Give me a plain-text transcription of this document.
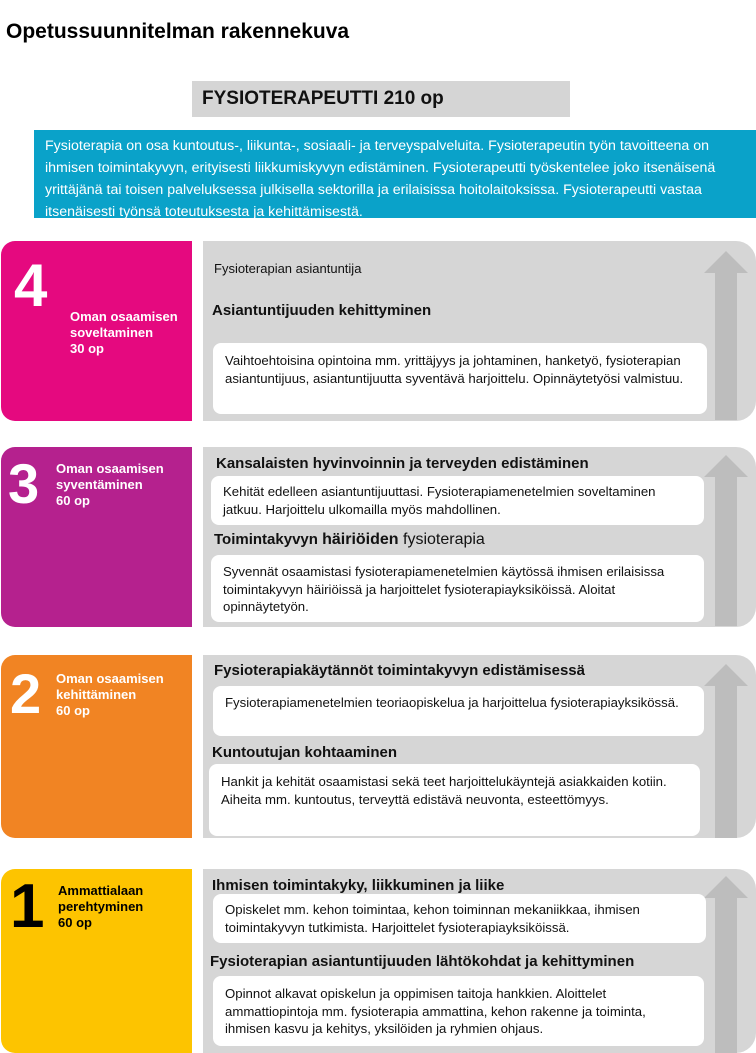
Opetussuunnitelman rakennekuva
FYSIOTERAPEUTTI 210 op
Fysioterapia on osa kuntoutus-, liikunta-, sosiaali- ja terveyspalveluita. Fysioterapeutin työn tavoitteena on ihmisen toimintakyvyn, erityisesti liikkumiskyvyn edistäminen. Fysioterapeutti työskentelee joko itsenäisenä yrittäjänä tai toisen palveluksessa julkisella sektorilla ja erilaisissa hoitolaitoksissa. Fysioterapeutti vastaa itsenäisesti työnsä toteutuksesta ja kehittämisestä.
4 Oman osaamisen
soveltaminen
30 op
Fysioterapian asiantuntija
Asiantuntijuuden kehittyminen
Vaihtoehtoisina opintoina mm. yrittäjyys ja johtaminen, hanketyö, fysioterapian asiantuntijuus, asiantuntijuutta syventävä harjoittelu. Opinnäytetyösi valmistuu.
3 Oman osaamisen
syventäminen
60 op
Kansalaisten hyvinvoinnin ja terveyden edistäminen
Kehität edelleen asiantuntijuuttasi. Fysioterapiamenetelmien soveltaminen jatkuu. Harjoittelu ulkomailla myös mahdollinen.
Toimintakyvyn häiriöiden fysioterapia
Syvennät osaamistasi fysioterapiamenetelmien käytössä ihmisen erilaisissa toimintakyvyn häiriöissä ja harjoittelet fysioterapiayksiköissä. Aloitat opinnäytetyön.
2 Oman osaamisen
kehittäminen
60 op
Fysioterapiakäytännöt toimintakyvyn edistämisessä
Fysioterapiamenetelmien teoriaopiskelua ja harjoittelua fysioterapiayksikössä.
Kuntoutujan kohtaaminen
Hankit ja kehität osaamistasi sekä teet harjoittelukäyntejä asiakkaiden kotiin. Aiheita mm. kuntoutus, terveyttä edistävä neuvonta, esteettömyys.
1 Ammattialaan
perehtyminen
60 op
Ihmisen toimintakyky, liikkuminen ja liike
Opiskelet mm. kehon toimintaa, kehon toiminnan mekaniikkaa, ihmisen toimintakyvyn tutkimista. Harjoittelet fysioterapiayksiköissä.
Fysioterapian asiantuntijuuden lähtökohdat ja kehittyminen
Opinnot alkavat opiskelun ja oppimisen taitoja hankkien. Aloittelet ammattiopintoja mm. fysioterapia ammattina, kehon rakenne ja toiminta, ihmisen kasvu ja kehitys, yksilöiden ja ryhmien ohjaus.
